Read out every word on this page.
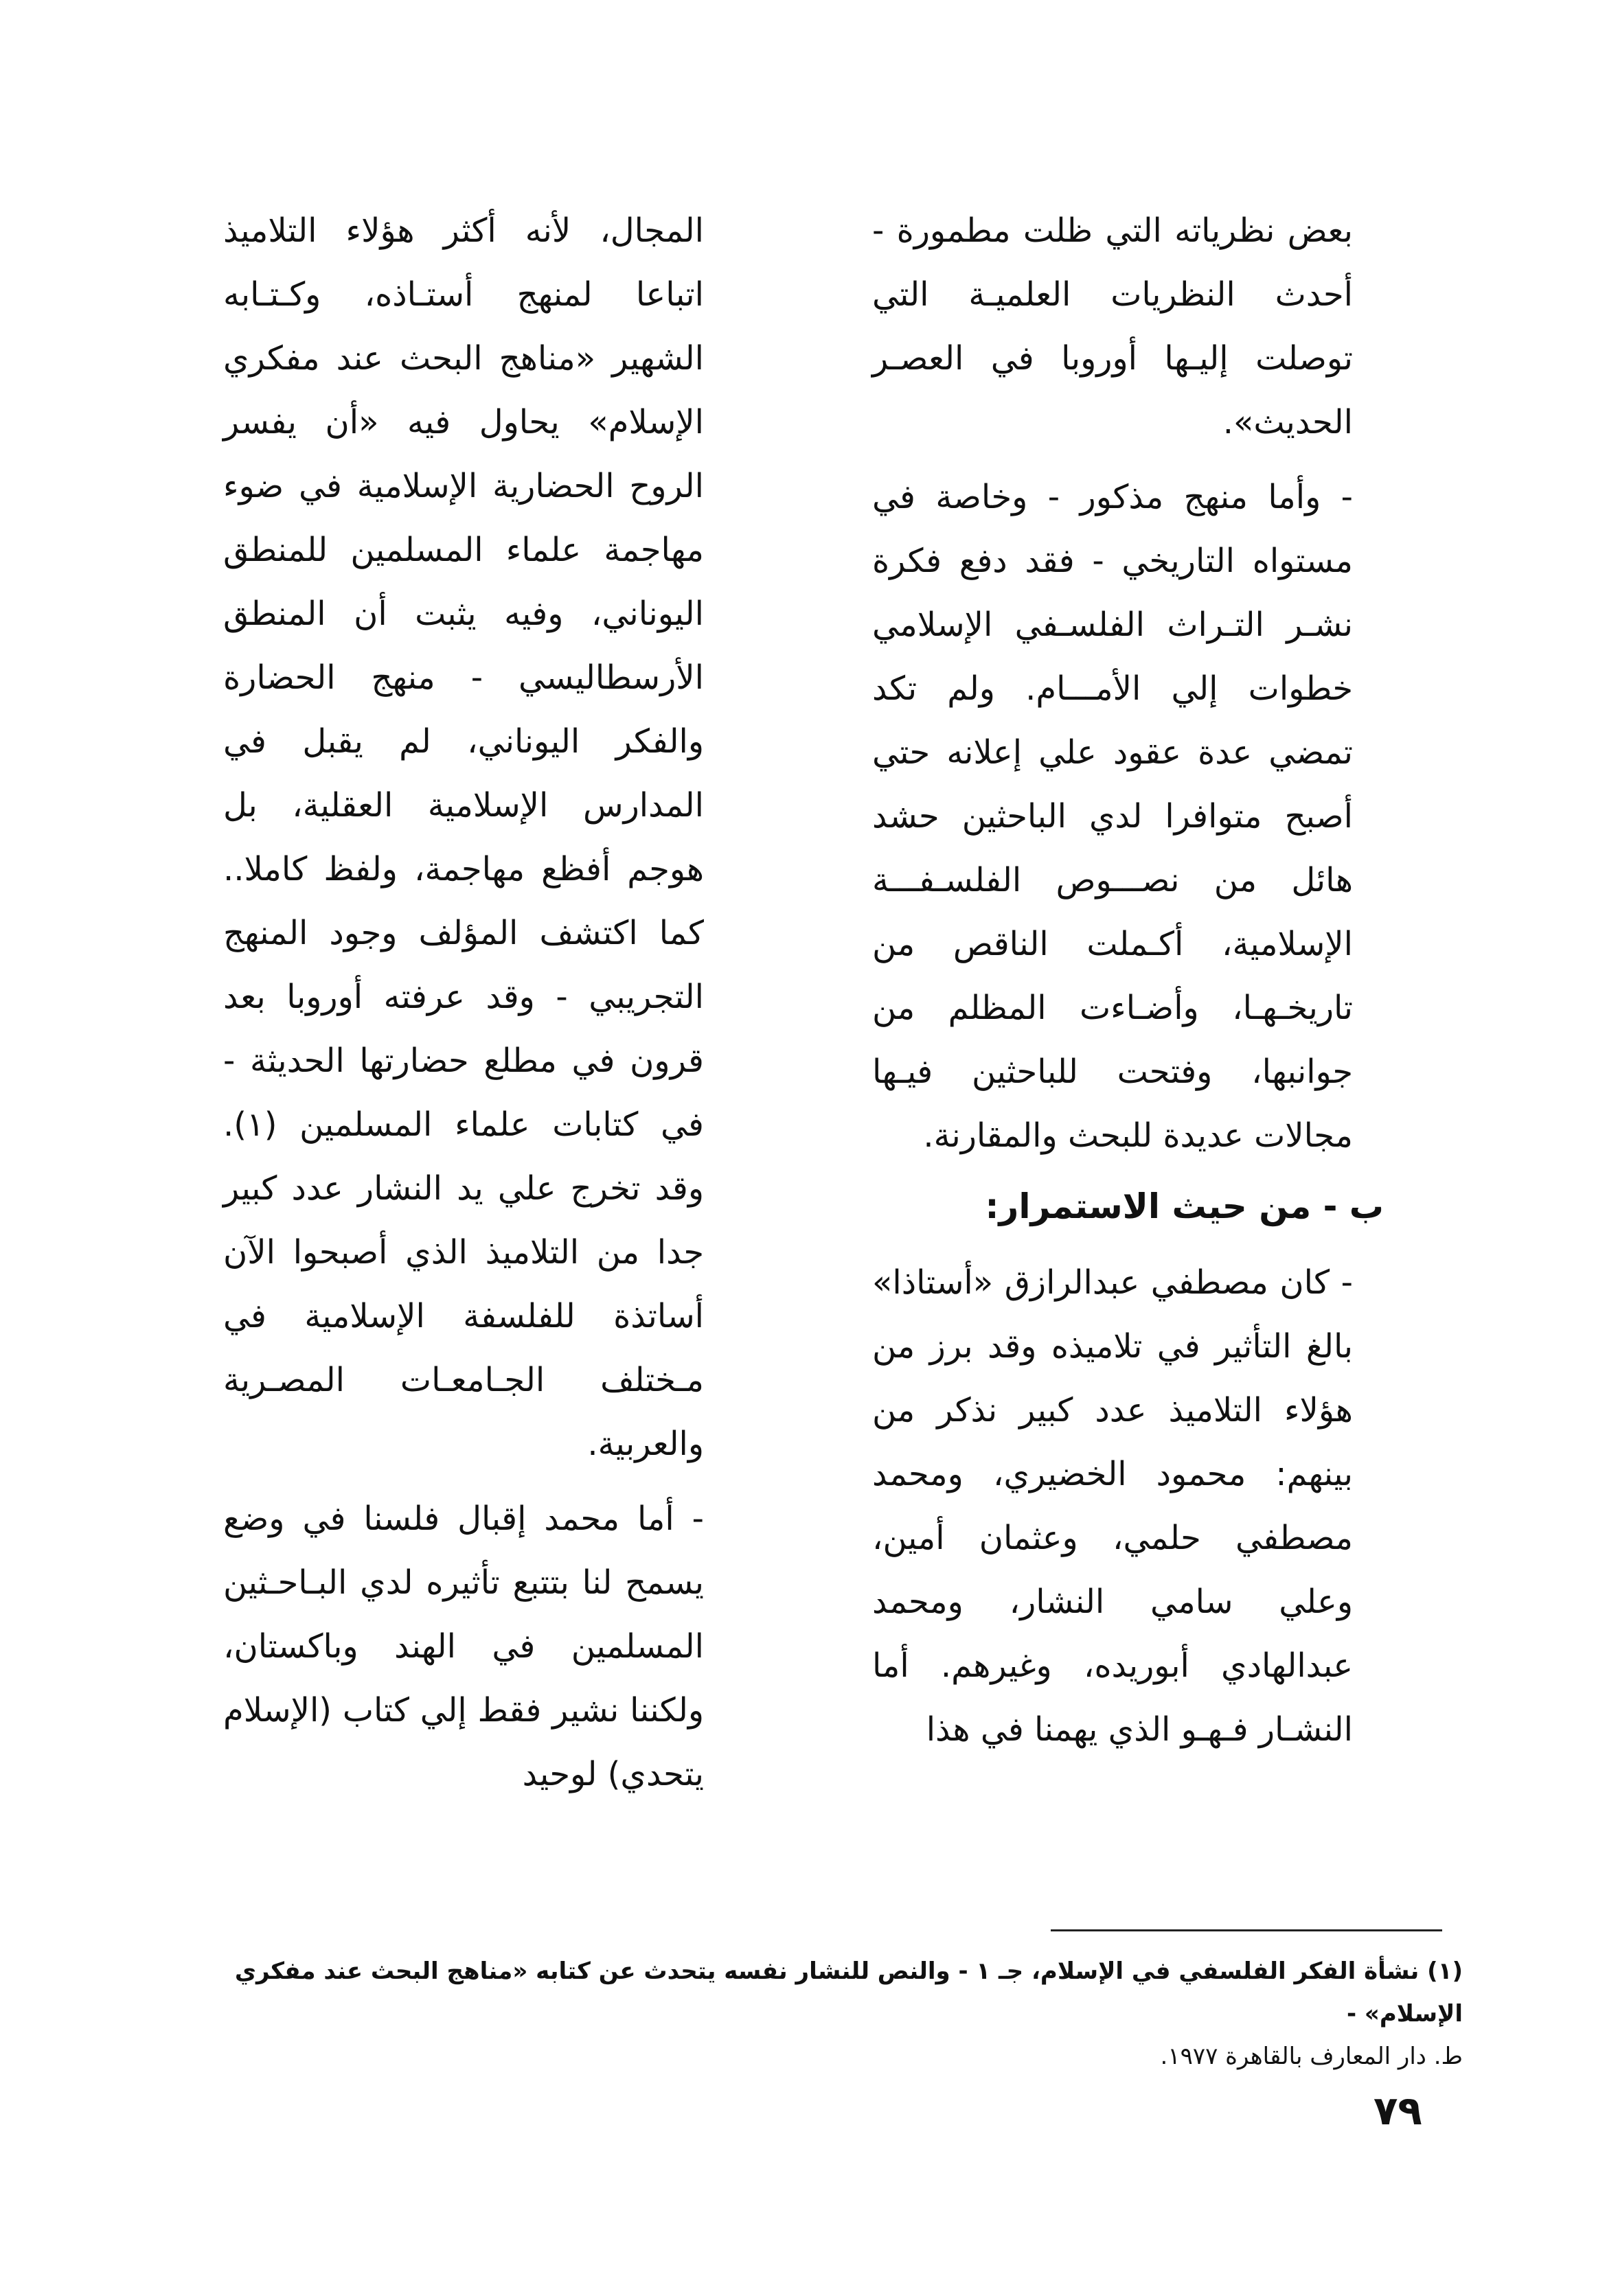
بعض نظرياته التي ظلت مطمورة - أحدث النظريات العلميـة التي توصلت إليـها أوروبا في العصـر الحديث».

- وأما منهج مذكور - وخاصة في مستواه التاريخي - فقد دفع فكرة نشـر التـراث الفلسـفي الإسلامي خطوات إلي الأمـــام. ولم تكد تمضي عدة عقود علي إعلانه حتي أصبح متوافرا لدي الباحثين حشد هائل من نصـــوص الفلسـفـــة الإسلامية، أكـملت الناقص من تاريخـهـا، وأضـاءت المظلم من جوانبها، وفتحت للباحثين فيـها مجالات عديدة للبحث والمقارنة.

ب - من حيث الاستمرار:

- كان مصطفي عبدالرازق «أستاذا» بالغ التأثير في تلاميذه وقد برز من هؤلاء التلاميذ عدد كبير نذكر من بينهم: محمود الخضيري، ومحمد مصطفي حلمي، وعثمان أمين، وعلي سامي النشار، ومحمد عبدالهادي أبوريده، وغيرهم. أما النشـار فـهـو الذي يهمنا في هذا

المجال، لأنه أكثر هؤلاء التلاميذ اتباعا لمنهج أستـاذه، وكـتـابه الشهير «مناهج البحث عند مفكري الإسلام» يحاول فيه «أن يفسر الروح الحضارية الإسلامية في ضوء مهاجمة علماء المسلمين للمنطق اليوناني، وفيه يثبت أن المنطق الأرسطاليسي - منهج الحضارة والفكر اليوناني، لم يقبل في المدارس الإسلامية العقلية، بل هوجم أفظع مهاجمة، ولفظ كاملا.. كما اكتشف المؤلف وجود المنهج التجريبي - وقد عرفته أوروبا بعد قرون في مطلع حضارتها الحديثة - في كتابات علماء المسلمين (١). وقد تخرج علي يد النشار عدد كبير جدا من التلاميذ الذي أصبحوا الآن أساتذة للفلسفة الإسلامية في مـختلف الجـامعـات المصـرية والعربية.

- أما محمد إقبال فلسنا في وضع يسمح لنا بتتبع تأثيره لدي البـاحـثين المسلمين في الهند وباكستان، ولكننا نشير فقط إلي كتاب (الإسلام يتحدي) لوحيد

(١) نشأة الفكر الفلسفي في الإسلام، جـ ١ - والنص للنشار نفسه يتحدث عن كتابه «مناهج البحث عند مفكري الإسلام» -
ط. دار المعارف بالقاهرة ١٩٧٧.
٧٩
